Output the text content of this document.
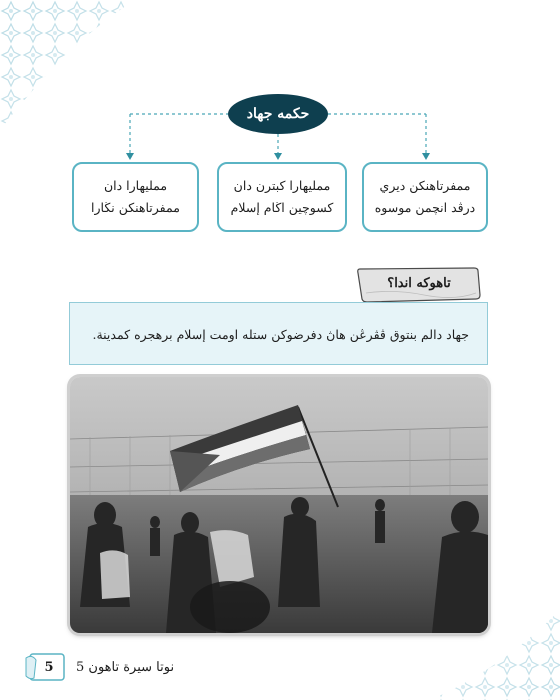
حكمه جهاد
ممفرتاهنكن ديري درڤد انچمن موسوه
ممليهارا كبترن دان كسوچين اڬام إسلام
مملیهارا دان ممفرتاهنكن نڬارا
تاهوكه اندا؟
جهاد دالم بنتوق ڤڤرڠن هاڽ دفرضوكن ستله اومت إسلام برهجره كمدينة.
5	نوتا سيرة تاهون 5
